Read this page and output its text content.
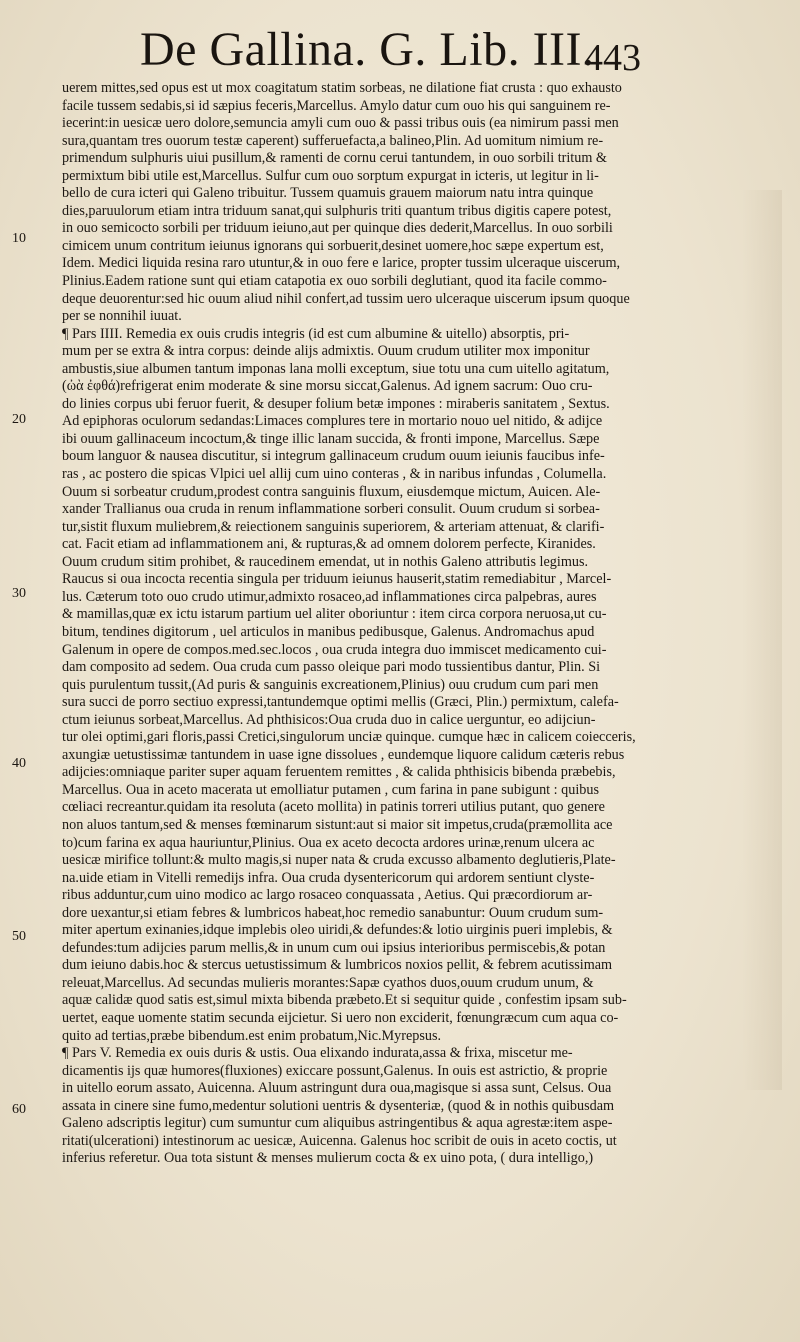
De Gallina. G. Lib. III.
443
10
20
30
40
50
60
uerem mittes,sed opus est ut mox coagitatum statim sorbeas, ne dilatione fiat crusta : quo exhausto
facile tussem sedabis,si id sæpius feceris,Marcellus. Amylo datur cum ouo his qui sanguinem re-
iecerint:in uesicæ uero dolore,semuncia amyli cum ouo & passi tribus ouis (ea nimirum passi men
sura,quantam tres ouorum testæ caperent) sufferuefacta,a balineo,Plin. Ad uomitum nimium re-
primendum sulphuris uiui pusillum,& ramenti de cornu cerui tantundem, in ouo sorbili tritum &
permixtum bibi utile est,Marcellus. Sulfur cum ouo sorptum expurgat in icteris, ut legitur in li-
bello de cura icteri qui Galeno tribuitur. Tussem quamuis grauem maiorum natu intra quinque
dies,paruulorum etiam intra triduum sanat,qui sulphuris triti quantum tribus digitis capere potest,
in ouo semicocto sorbili per triduum ieiuno,aut per quinque dies dederit,Marcellus. In ouo sorbili
cimicem unum contritum ieiunus ignorans qui sorbuerit,desinet uomere,hoc sæpe expertum est,
Idem. Medici liquida resina raro utuntur,& in ouo fere e larice, propter tussim ulceraque uiscerum,
Plinius.Eadem ratione sunt qui etiam catapotia ex ouo sorbili deglutiant, quod ita facile commo-
deque deuorentur:sed hic ouum aliud nihil confert,ad tussim uero ulceraque uiscerum ipsum quoque
per se nonnihil iuuat.
¶ Pars IIII. Remedia ex ouis crudis integris (id est cum albumine & uitello) absorptis, pri-
mum per se extra & intra corpus: deinde alijs admixtis. Ouum crudum utiliter mox imponitur
ambustis,siue albumen tantum imponas lana molli exceptum, siue totu una cum uitello agitatum,
(ὠὰ ἐφθά)refrigerat enim moderate & sine morsu siccat,Galenus. Ad ignem sacrum: Ouo cru-
do linies corpus ubi feruor fuerit, & desuper folium betæ impones : miraberis sanitatem , Sextus.
Ad epiphoras oculorum sedandas:Limaces complures tere in mortario nouo uel nitido, & adijce
ibi ouum gallinaceum incoctum,& tinge illic lanam succida, & fronti impone, Marcellus. Sæpe
boum languor & nausea discutitur, si integrum gallinaceum crudum ouum ieiunis faucibus infe-
ras , ac postero die spicas Vlpici uel allij cum uino conteras , & in naribus infundas , Columella.
Ouum si sorbeatur crudum,prodest contra sanguinis fluxum, eiusdemque mictum, Auicen. Ale-
xander Trallianus oua cruda in renum inflammatione sorberi consulit. Ouum crudum si sorbea-
tur,sistit fluxum muliebrem,& reiectionem sanguinis superiorem, & arteriam attenuat, & clarifi-
cat. Facit etiam ad inflammationem ani, & rupturas,& ad omnem dolorem perfecte, Kiranides.
Ouum crudum sitim prohibet, & raucedinem emendat, ut in nothis Galeno attributis legimus.
Raucus si oua incocta recentia singula per triduum ieiunus hauserit,statim remediabitur , Marcel-
lus. Cæterum toto ouo crudo utimur,admixto rosaceo,ad inflammationes circa palpebras, aures
& mamillas,quæ ex ictu istarum partium uel aliter oboriuntur : item circa corpora neruosa,ut cu-
bitum, tendines digitorum , uel articulos in manibus pedibusque, Galenus. Andromachus apud
Galenum in opere de compos.med.sec.locos , oua cruda integra duo immiscet medicamento cui-
dam composito ad sedem. Oua cruda cum passo oleique pari modo tussientibus dantur, Plin. Si
quis purulentum tussit,(Ad puris & sanguinis excreationem,Plinius) ouu crudum cum pari men
sura succi de porro sectiuo expressi,tantundemque optimi mellis (Græci, Plin.) permixtum, calefa-
ctum ieiunus sorbeat,Marcellus. Ad phthisicos:Oua cruda duo in calice uerguntur, eo adijciun-
tur olei optimi,gari floris,passi Cretici,singulorum unciæ quinque. cumque hæc in calicem coiecceris,
axungiæ uetustissimæ tantundem in uase igne dissolues , eundemque liquore calidum cæteris rebus
adijcies:omniaque pariter super aquam feruentem remittes , & calida phthisicis bibenda præbebis,
Marcellus. Oua in aceto macerata ut emolliatur putamen , cum farina in pane subigunt : quibus
cœliaci recreantur.quidam ita resoluta (aceto mollita) in patinis torreri utilius putant, quo genere
non aluos tantum,sed & menses fœminarum sistunt:aut si maior sit impetus,cruda(præmollita ace
to)cum farina ex aqua hauriuntur,Plinius. Oua ex aceto decocta ardores urinæ,renum ulcera ac
uesicæ mirifice tollunt:& multo magis,si nuper nata & cruda excusso albamento deglutieris,Plate-
na.uide etiam in Vitelli remedijs infra. Oua cruda dysentericorum qui ardorem sentiunt clyste-
ribus adduntur,cum uino modico ac largo rosaceo conquassata , Aetius. Qui præcordiorum ar-
dore uexantur,si etiam febres & lumbricos habeat,hoc remedio sanabuntur: Ouum crudum sum-
miter apertum exinanies,idque implebis oleo uiridi,& defundes:& lotio uirginis pueri implebis, &
defundes:tum adijcies parum mellis,& in unum cum oui ipsius interioribus permiscebis,& potan
dum ieiuno dabis.hoc & stercus uetustissimum & lumbricos noxios pellit, & febrem acutissimam
releuat,Marcellus. Ad secundas mulieris morantes:Sapæ cyathos duos,ouum crudum unum, &
aquæ calidæ quod satis est,simul mixta bibenda præbeto.Et si sequitur quide , confestim ipsam sub-
uertet, eaque uomente statim secunda eijcietur. Si uero non exciderit, fœnungræcum cum aqua co-
quito ad tertias,præbe bibendum.est enim probatum,Nic.Myrepsus.
¶ Pars V. Remedia ex ouis duris & ustis. Oua elixando indurata,assa & frixa, miscetur me-
dicamentis ijs quæ humores(fluxiones) exiccare possunt,Galenus. In ouis est astrictio, & proprie
in uitello eorum assato, Auicenna. Aluum astringunt dura oua,magisque si assa sunt, Celsus. Oua
assata in cinere sine fumo,medentur solutioni uentris & dysenteriæ, (quod & in nothis quibusdam
Galeno adscriptis legitur) cum sumuntur cum aliquibus astringentibus & aqua agrestæ:item aspe-
ritati(ulcerationi) intestinorum ac uesicæ, Auicenna. Galenus hoc scribit de ouis in aceto coctis, ut
inferius referetur. Oua tota sistunt & menses mulierum cocta & ex uino pota, ( dura intelligo,)
